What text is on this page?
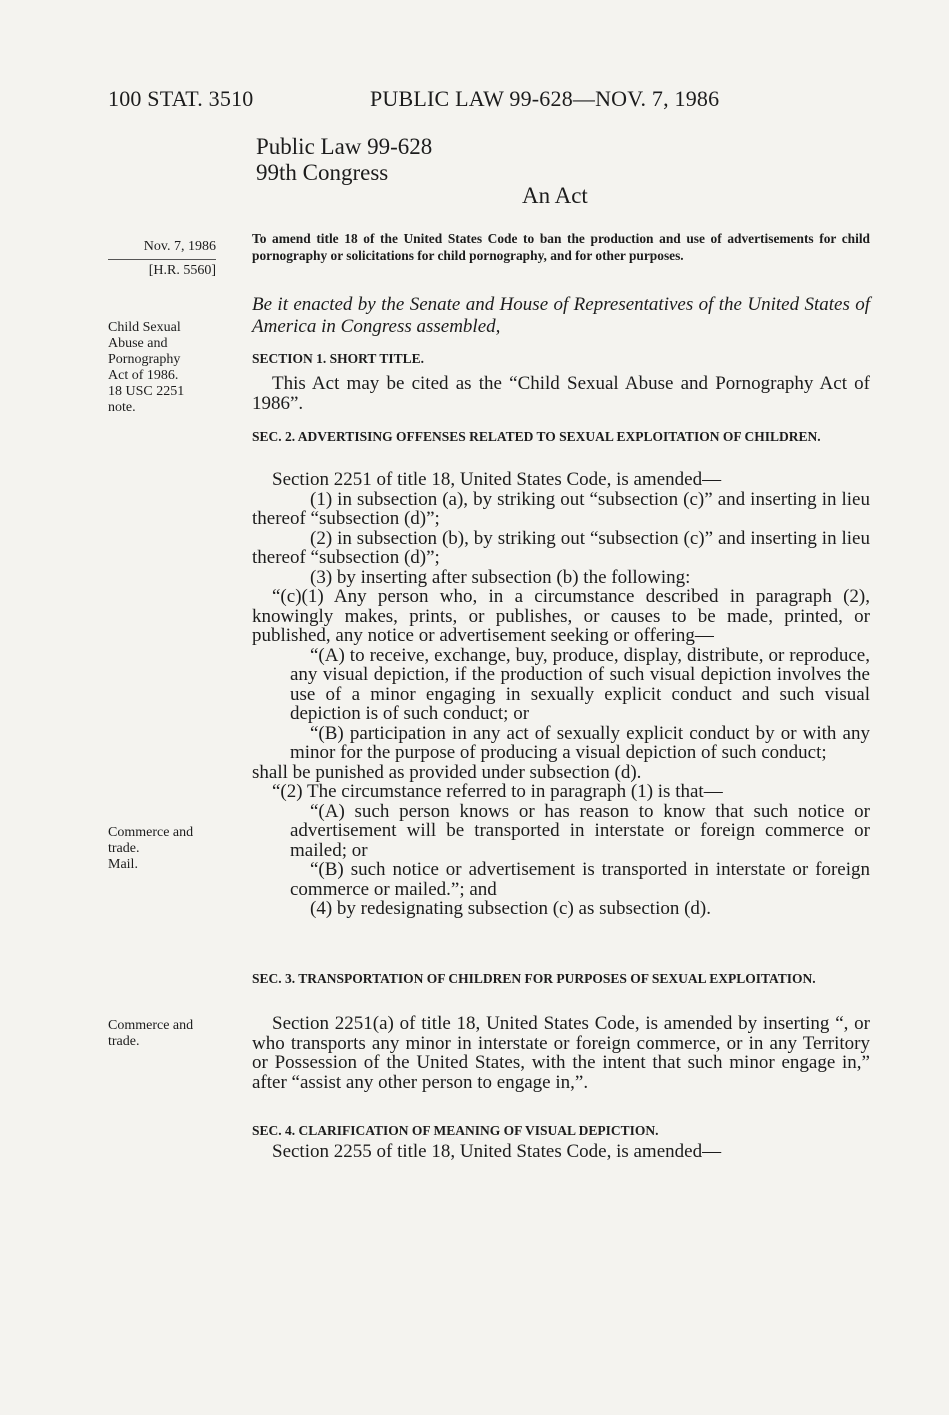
100 STAT. 3510	PUBLIC LAW 99-628—NOV. 7, 1986
Public Law 99-628
99th Congress
An Act
Nov. 7, 1986
[H.R. 5560]
Child Sexual
Abuse and
Pornography
Act of 1986.
18 USC 2251
note.
Commerce and
trade.
Mail.
Commerce and
trade.
To amend title 18 of the United States Code to ban the production and use of advertisements for child pornography or solicitations for child pornography, and for other purposes.
Be it enacted by the Senate and House of Representatives of the United States of America in Congress assembled,
SECTION 1. SHORT TITLE.

This Act may be cited as the “Child Sexual Abuse and Pornography Act of 1986”.

SEC. 2. ADVERTISING OFFENSES RELATED TO SEXUAL EXPLOITATION OF CHILDREN.

Section 2251 of title 18, United States Code, is amended—

(1) in subsection (a), by striking out “subsection (c)” and inserting in lieu thereof “subsection (d)”;

(2) in subsection (b), by striking out “subsection (c)” and inserting in lieu thereof “subsection (d)”;

(3) by inserting after subsection (b) the following:

“(c)(1) Any person who, in a circumstance described in paragraph (2), knowingly makes, prints, or publishes, or causes to be made, printed, or published, any notice or advertisement seeking or offering—

“(A) to receive, exchange, buy, produce, display, distribute, or reproduce, any visual depiction, if the production of such visual depiction involves the use of a minor engaging in sexually explicit conduct and such visual depiction is of such conduct; or

“(B) participation in any act of sexually explicit conduct by or with any minor for the purpose of producing a visual depiction of such conduct;

shall be punished as provided under subsection (d).

“(2) The circumstance referred to in paragraph (1) is that—

“(A) such person knows or has reason to know that such notice or advertisement will be transported in interstate or foreign commerce or mailed; or

“(B) such notice or advertisement is transported in interstate or foreign commerce or mailed.”; and

(4) by redesignating subsection (c) as subsection (d).

SEC. 3. TRANSPORTATION OF CHILDREN FOR PURPOSES OF SEXUAL EXPLOITATION.

Section 2251(a) of title 18, United States Code, is amended by inserting “, or who transports any minor in interstate or foreign commerce, or in any Territory or Possession of the United States, with the intent that such minor engage in,” after “assist any other person to engage in,”.

SEC. 4. CLARIFICATION OF MEANING OF VISUAL DEPICTION.

Section 2255 of title 18, United States Code, is amended—
